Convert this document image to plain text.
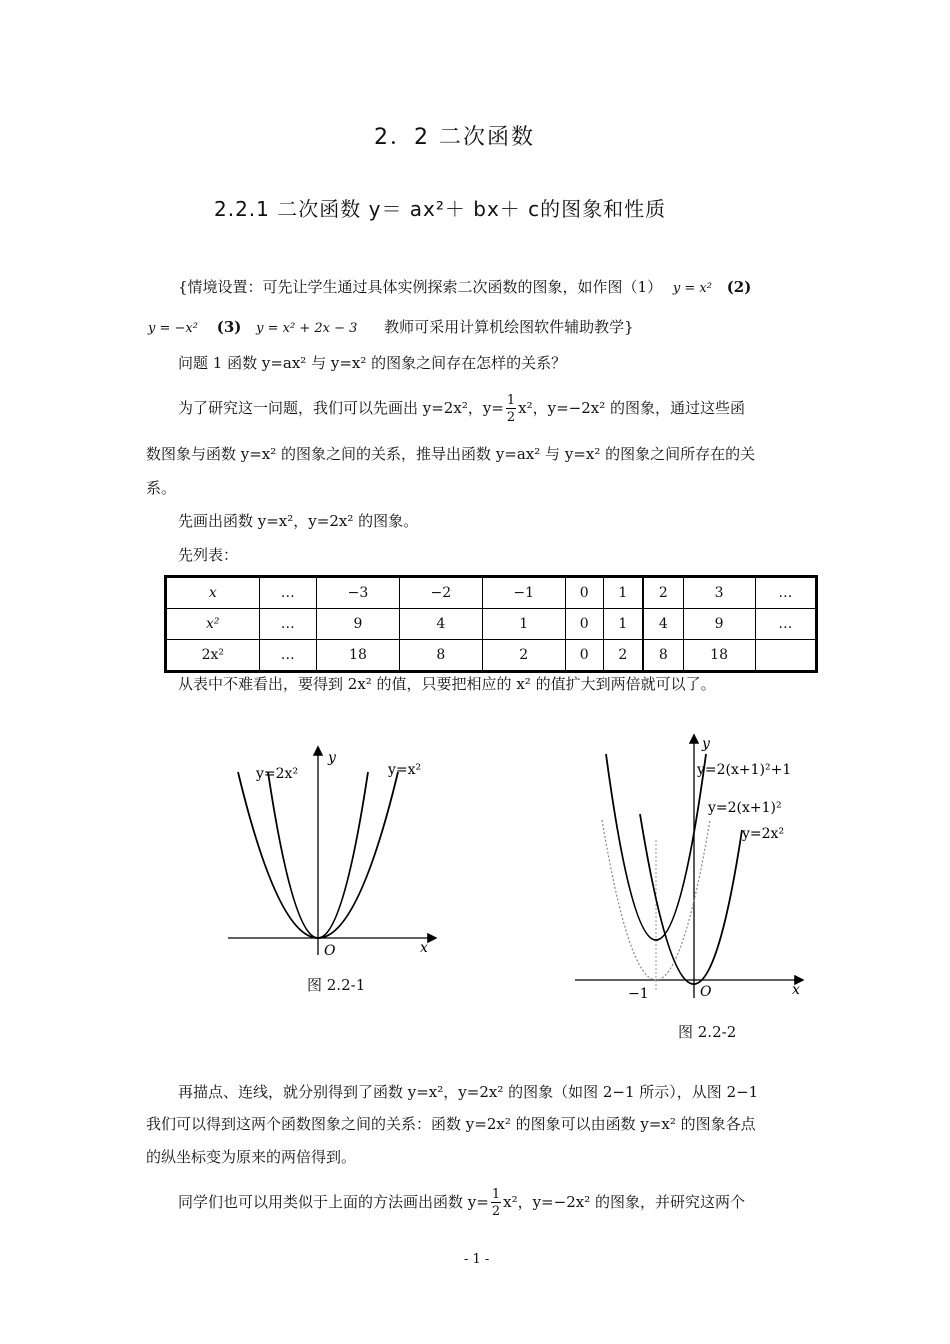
2．2 二次函数
2.2.1 二次函数 y＝ ax²＋ bx＋ c的图象和性质
{情境设置：可先让学生通过具体实例探索二次函数的图象，如作图（1） y = x² (2)
y = −x² (3) y = x² + 2x − 3 教师可采用计算机绘图软件辅助教学}
问题 1 函数 y=ax² 与 y=x² 的图象之间存在怎样的关系？
为了研究这一问题，我们可以先画出 y=2x²，$y= \frac{1}{2} x^2$，y=−2x² 的图象，通过这些函
数图象与函数 y=x² 的图象之间的关系，推导出函数 y=ax² 与 y=x² 的图象之间所存在的关
系。
先画出函数 y=x²，y=2x² 的图象。
先列表：
x	…	−3	−2	−1	0	1	2	3	…
x²	…	9	4	1	0	1	4	9	…
2x²	…	18	8	2	0	2	8	18	
从表中不难看出，要得到 2x² 的值，只要把相应的 x² 的值扩大到两倍就可以了。
y=2x²	y=x²
y
x
O
图 2.2-1
y
x
O
−1
y=2(x+1)²+1
y=2(x+1)²
y=2x²
图 2.2-2
再描点、连线，就分别得到了函数 y=x²，y=2x² 的图象（如图 2−1 所示），从图 2−1
我们可以得到这两个函数图象之间的关系：函数 y=2x² 的图象可以由函数 y=x² 的图象各点
的纵坐标变为原来的两倍得到。
同学们也可以用类似于上面的方法画出函数 $y= \frac{1}{2} x^2$，y=−2x² 的图象，并研究这两个
- 1 -
